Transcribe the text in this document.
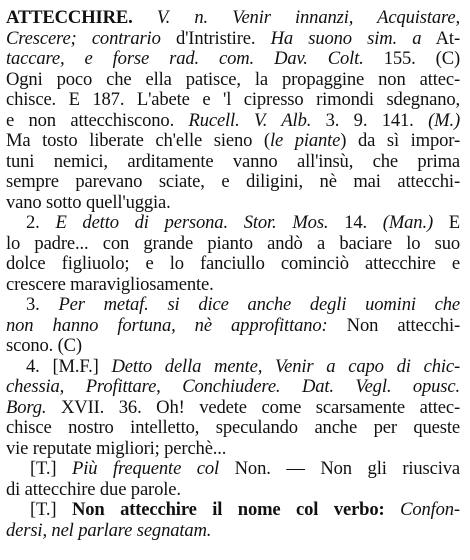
ATTECCHIRE. V. n. Venir innanzi, Acquistare,
Crescere; contrario d'Intristire. Ha suono sim. a At-
taccare, e forse rad. com. Dav. Colt. 155. (C)
Ogni poco che ella patisce, la propaggine non attec-
chisce. E 187. L'abete e 'l cipresso rimondi sdegnano,
e non attecchiscono. Rucell. V. Alb. 3. 9. 141. (M.)
Ma tosto liberate ch'elle sieno (le piante) da sì impor-
tuni nemici, arditamente vanno all'insù, che prima
sempre parevano sciate, e diligini, nè mai attecchi-
vano sotto quell'uggia.
2. E detto di persona. Stor. Mos. 14. (Man.) E
lo padre... con grande pianto andò a baciare lo suo
dolce figliuolo; e lo fanciullo cominciò attecchire e
crescere maravigliosamente.
3. Per metaf. si dice anche degli uomini che
non hanno fortuna, nè approfittano: Non attecchi-
scono. (C)
4. [M.F.] Detto della mente, Venir a capo di chic-
chessia, Profittare, Conchiudere. Dat. Vegl. opusc.
Borg. XVII. 36. Oh! vedete come scarsamente attec-
chisce nostro intelletto, speculando anche per queste
vie reputate migliori; perchè...
[T.] Più frequente col Non. — Non gli riusciva
di attecchire due parole.
[T.] Non attecchire il nome col verbo: Confon-
dersi, nel parlare segnatam.
